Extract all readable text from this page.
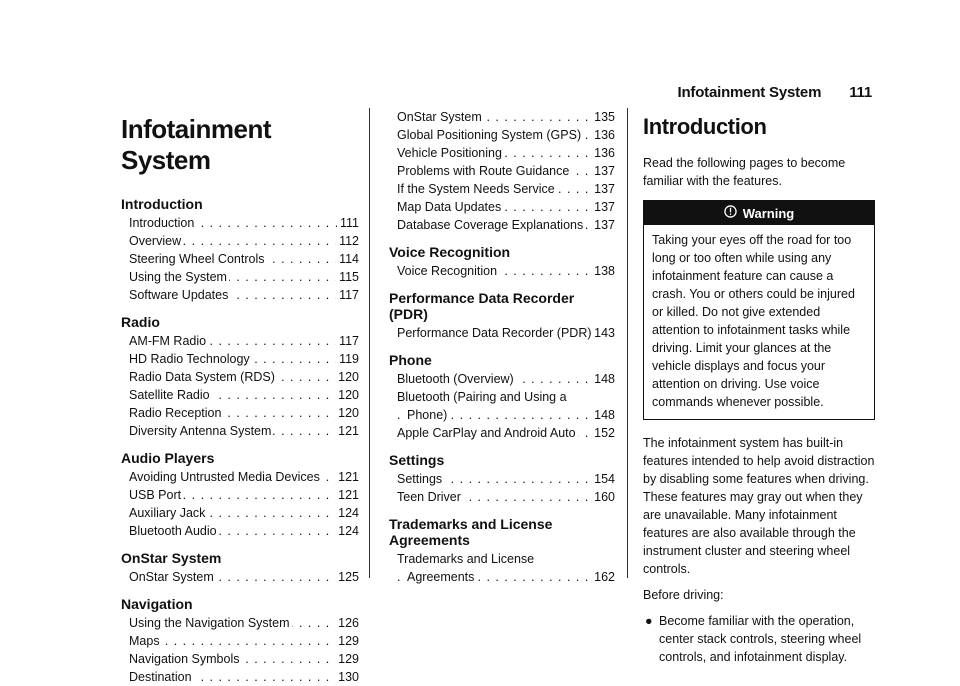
Infotainment System 111
Infotainment System
Introduction
Introduction	111
. . .
Overview	112
. . .
Steering Wheel Controls	114
. . .
Using the System	115
. . .
Software Updates	117
. . .
Radio
AM-FM Radio	117
. . .
HD Radio Technology	119
. . .
Radio Data System (RDS)	120
. . .
Satellite Radio	120
. . .
Radio Reception	120
. . .
Diversity Antenna System	121
. . .
Audio Players
Avoiding Untrusted Media Devices 121
. . .
USB Port	121
. . .
Auxiliary Jack	124
. . .
Bluetooth Audio	124
. . .
OnStar System
OnStar System	125
. . .
Navigation
Using the Navigation System	126
. . .
Maps	129
. . .
Navigation Symbols	129
. . .
Destination	130
. . .
OnStar System	135
. . .
Global Positioning System (GPS) 136
. . .
Vehicle Positioning	136
. . .
Problems with Route Guidance 137
. . .
If the System Needs Service	137
. . .
Map Data Updates	137
. . .
Database Coverage Explanations 137
. . .
Voice Recognition
Voice Recognition	138
. . .
Performance Data Recorder (PDR)
Performance Data Recorder (PDR) 143
. . .
Phone
Bluetooth (Overview)	148
. . .
Bluetooth (Pairing and Using a
Phone)	148
. . .
Apple CarPlay and Android Auto 152
. . .
Settings
Settings	154
. . .
Teen Driver	160
. . .
Trademarks and License Agreements
Trademarks and License
Agreements	162
. . .
Introduction

Read the following pages to become familiar with the features.

Warning
Taking your eyes off the road for too long or too often while using any infotainment feature can cause a crash. You or others could be injured or killed. Do not give extended attention to infotainment tasks while driving. Limit your glances at the vehicle displays and focus your attention on driving. Use voice commands whenever possible.

The infotainment system has built-in features intended to help avoid distraction by disabling some features when driving. These features may gray out when they are unavailable. Many infotainment features are also available through the instrument cluster and steering wheel controls.

Before driving:

● Become familiar with the operation, center stack controls, steering wheel controls, and infotainment display.
